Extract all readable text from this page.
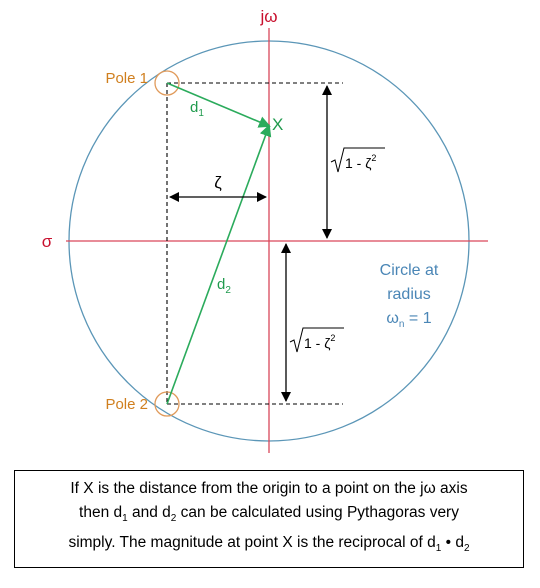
jω
σ
Pole 1
Pole 2
X
$d_1$
$d_2$
ζ
$1 - \zeta^2$
$1 - \zeta^2$
Circle at
radius
$\omega_n = 1$
If X is the distance from the origin to a point on the jω axis
then $d_1$ and $d_2$ can be calculated using Pythagoras very
simply. The magnitude at point X is the reciprocal of $d_1$ • $d_2$
